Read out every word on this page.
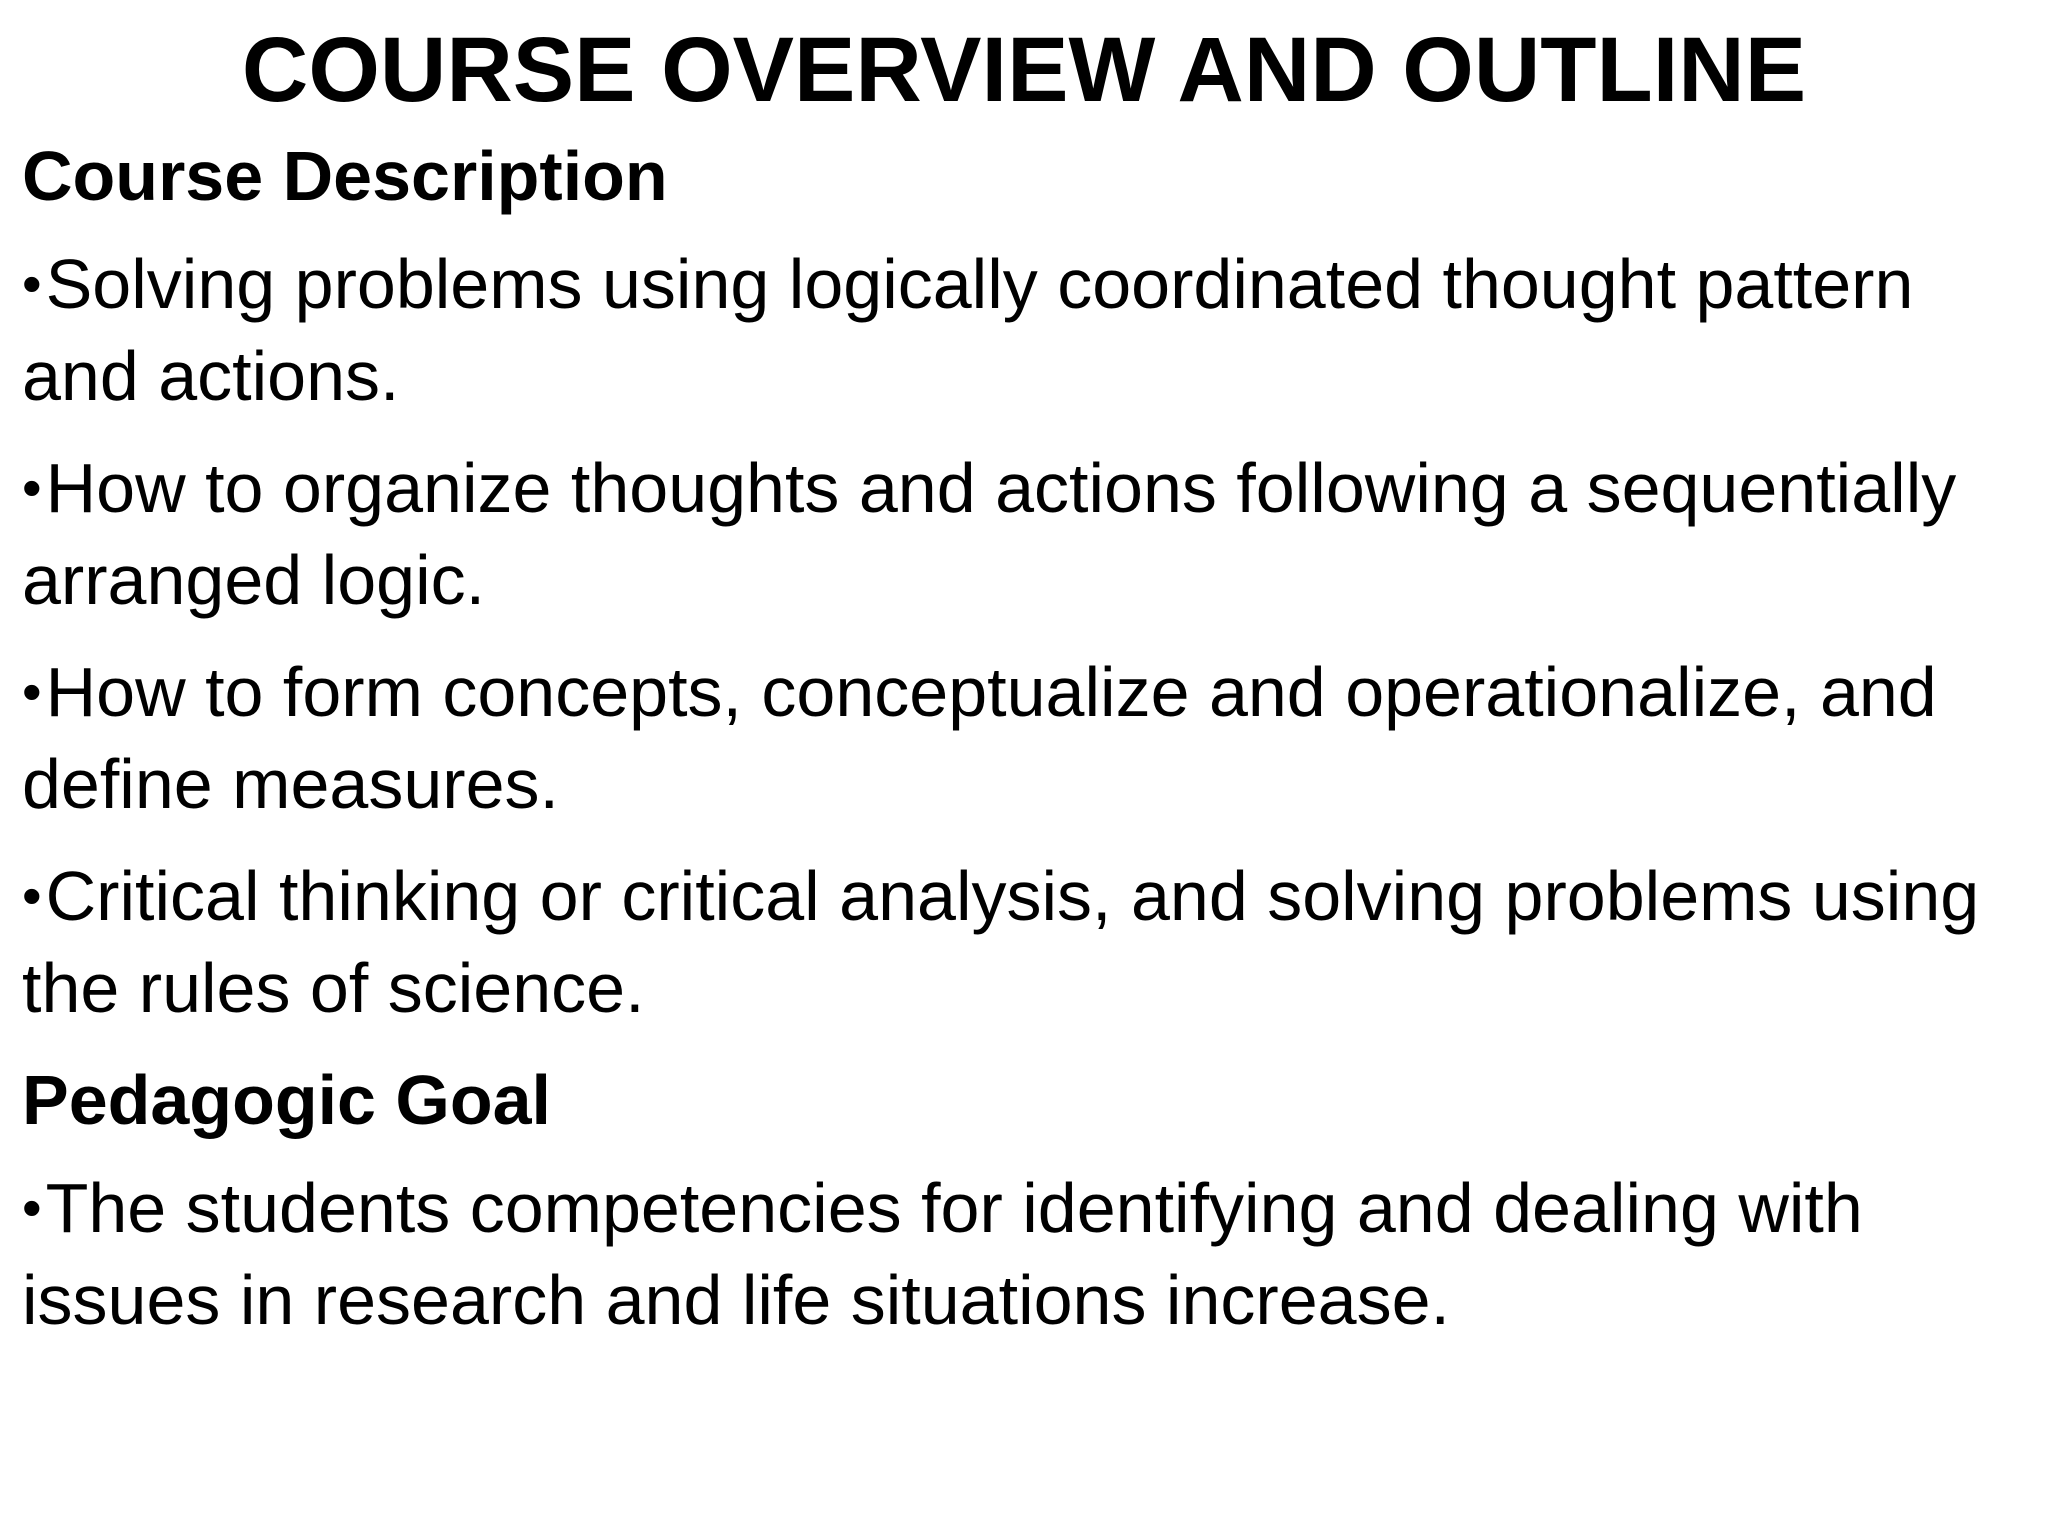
COURSE OVERVIEW AND OUTLINE
Course Description
•Solving problems using logically coordinated thought pattern and actions.
•How to organize thoughts and actions following a sequentially arranged logic.
•How to form concepts, conceptualize and operationalize, and define measures.
•Critical thinking or critical analysis, and solving problems using the rules of science.
Pedagogic Goal
•The students competencies for identifying and dealing with issues in research and life situations increase.
